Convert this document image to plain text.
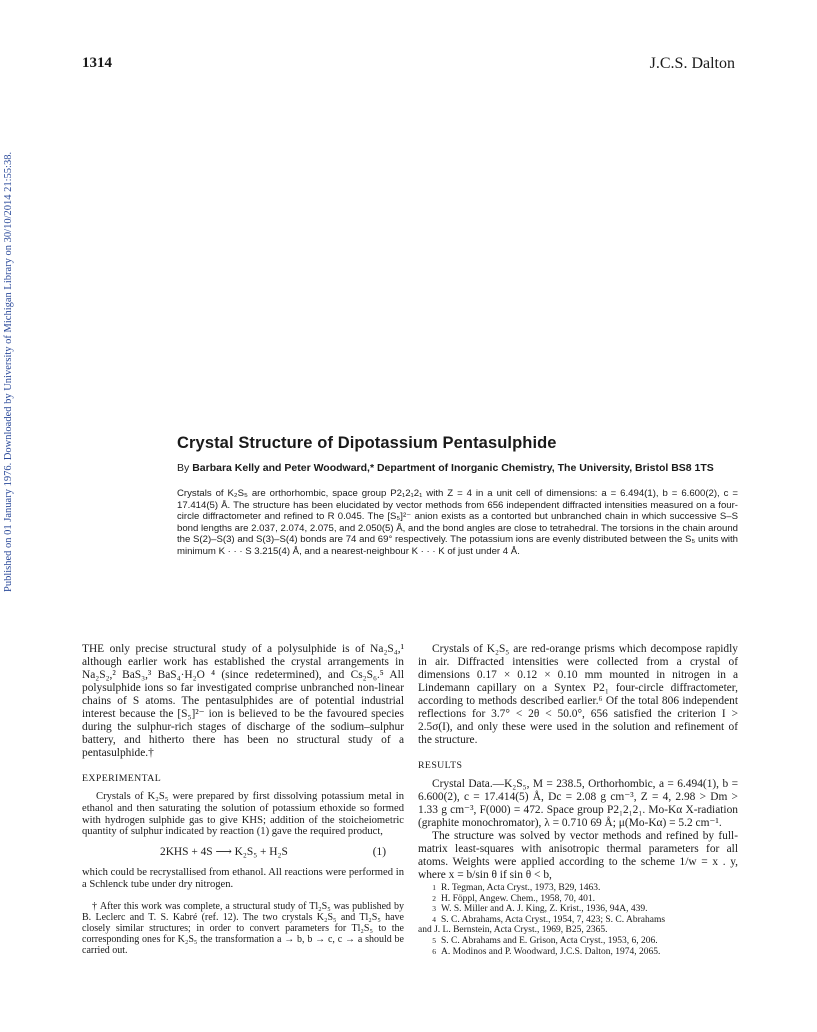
1314	J.C.S. Dalton
Published on 01 January 1976. Downloaded by University of Michigan Library on 30/10/2014 21:55:38.	Crystal Structure of Dipotassium Pentasulphide
By Barbara Kelly and Peter Woodward,* Department of Inorganic Chemistry, The University, Bristol BS8 1TS
Crystals of K₂S₅ are orthorhombic, space group P2₁2₁2₁ with Z = 4 in a unit cell of dimensions: a = 6.494(1), b = 6.600(2), c = 17.414(5) Å. The structure has been elucidated by vector methods from 656 independent diffracted intensities measured on a four-circle diffractometer and refined to R 0.045. The [S₅]²⁻ anion exists as a contorted but unbranched chain in which successive S–S bond lengths are 2.037, 2.074, 2.075, and 2.050(5) Å, and the bond angles are close to tetrahedral. The torsions in the chain around the S(2)–S(3) and S(3)–S(4) bonds are 74 and 69° respectively. The potassium ions are evenly distributed between the S₅ units with minimum K · · · S 3.215(4) Å, and a nearest-neighbour K · · · K of just under 4 Å.

THE only precise structural study of a polysulphide is of Na₂S₄,¹ although earlier work has established the crystal arrangements in Na₂S₂,² BaS₃,³ BaS₄·H₂O ⁴ (since redetermined), and Cs₂S₆.⁵ All polysulphide ions so far investigated comprise unbranched non-linear chains of S atoms. The pentasulphides are of potential industrial interest because the [S₅]²⁻ ion is believed to be the favoured species during the sulphur-rich stages of discharge of the sodium–sulphur battery, and hitherto there has been no structural study of a pentasulphide.†

EXPERIMENTAL

Crystals of K₂S₅ were prepared by first dissolving potassium metal in ethanol and then saturating the solution of potassium ethoxide so formed with hydrogen sulphide gas to give KHS; addition of the stoicheiometric quantity of sulphur indicated by reaction (1) gave the required product,

2KHS + 4S ⟶ K₂S₅ + H₂S	(1)

which could be recrystallised from ethanol. All reactions were performed in a Schlenck tube under dry nitrogen.

† After this work was complete, a structural study of Tl₂S₅ was published by B. Leclerc and T. S. Kabré (ref. 12). The two crystals K₂S₅ and Tl₂S₅ have closely similar structures; in order to convert parameters for Tl₂S₅ to the corresponding ones for K₂S₅ the transformation a → b, b → c, c → a should be carried out.

Crystals of K₂S₅ are red-orange prisms which decompose rapidly in air. Diffracted intensities were collected from a crystal of dimensions 0.17 × 0.12 × 0.10 mm mounted in nitrogen in a Lindemann capillary on a Syntex P2₁ four-circle diffractometer, according to methods described earlier.⁶ Of the total 806 independent reflections for 3.7° < 2θ < 50.0°, 656 satisfied the criterion I > 2.5σ(I), and only these were used in the solution and refinement of the structure.

RESULTS

Crystal Data.—K₂S₅, M = 238.5, Orthorhombic, a = 6.494(1), b = 6.600(2), c = 17.414(5) Å, Dc = 2.08 g cm⁻³, Z = 4, 2.98 > Dm > 1.33 g cm⁻³, F(000) = 472. Space group P2₁2₁2₁. Mo-Kα X-radiation (graphite monochromator), λ = 0.710 69 Å; μ(Mo-Kα) = 5.2 cm⁻¹.

The structure was solved by vector methods and refined by full-matrix least-squares with anisotropic thermal parameters for all atoms. Weights were applied according to the scheme 1/w = x . y, where x = b/sin θ if sin θ < b,

1 R. Tegman, Acta Cryst., 1973, B29, 1463.
2 H. Föppl, Angew. Chem., 1958, 70, 401.
3 W. S. Miller and A. J. King, Z. Krist., 1936, 94A, 439.
4 S. C. Abrahams, Acta Cryst., 1954, 7, 423; S. C. Abrahams
and J. L. Bernstein, Acta Cryst., 1969, B25, 2365.
5 S. C. Abrahams and E. Grison, Acta Cryst., 1953, 6, 206.
6 A. Modinos and P. Woodward, J.C.S. Dalton, 1974, 2065.
